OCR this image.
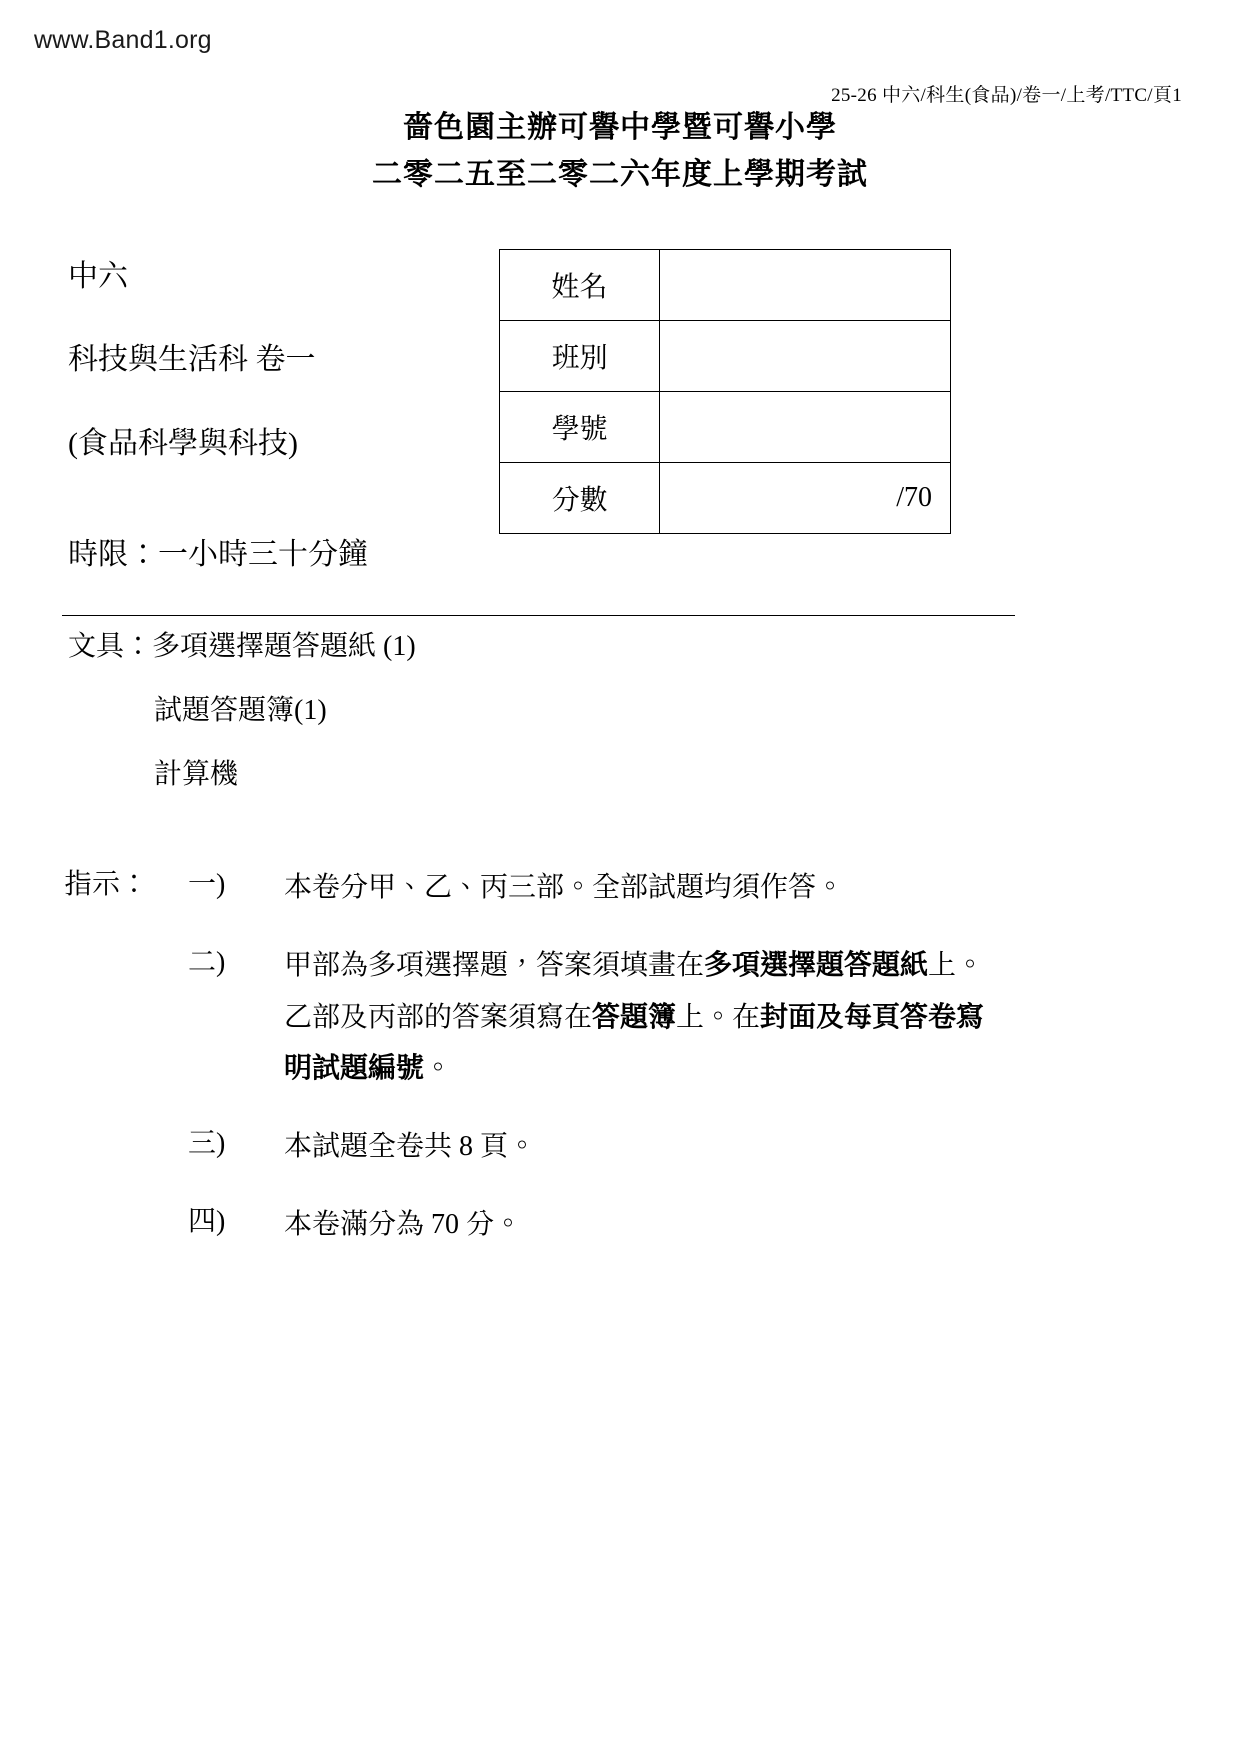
www.Band1.org
25-26 中六/科生(食品)/卷一/上考/TTC/頁1
嗇色園主辦可譽中學暨可譽小學
二零二五至二零二六年度上學期考試
中六
科技與生活科 卷一
(食品科學與科技)
時限：一小時三十分鐘
姓名	
班別	
學號	
分數	/70
文具：多項選擇題答題紙 (1)
試題答題簿(1)
計算機
指示：	一)	本卷分甲、乙、丙三部。全部試題均須作答。
二)	甲部為多項選擇題，答案須填畫在多項選擇題答題紙上。乙部及丙部的答案須寫在答題簿上。在封面及每頁答卷寫明試題編號。
三)	本試題全卷共 8 頁。
四)	本卷滿分為 70 分。
